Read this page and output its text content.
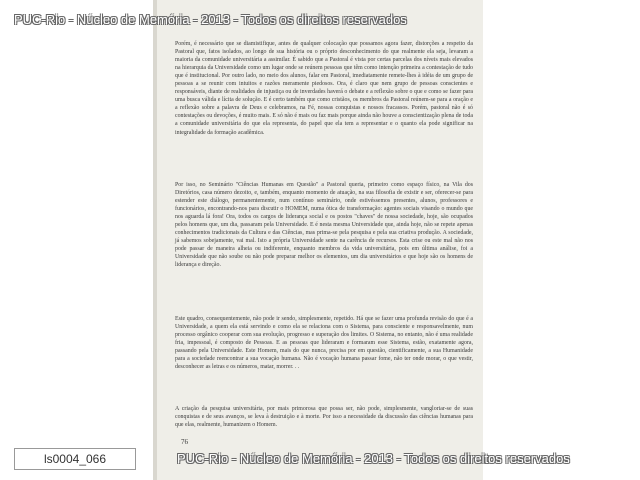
Porém, é necessário que se diamistifique, antes de qualquer colocação que possamos agora fazer, distorções a respeito da Pastoral que, fatos isolados, ao longo de sua história ou o próprio desconhecimento do que realmente ela seja, levaram a maioria da comunidade universitária a assimilar. É sabido que a Pastoral é vista por certas parcelas dos níveis mais elevados na hierarquia da Universidade como um lugar onde se reúnem pessoas que têm como intenção primeira a contestação de tudo que é institucional. Por outro lado, no meio dos alunos, falar em Pastoral, imediatamente remete-lhes à idéia de um grupo de pessoas a se reunir com intuitos e razões meramente piedosos. Ora, é claro que nem grupo de pessoas conscientes e responsáveis, diante de realidades de injustiça ou de inverdades haverá o debate e a reflexão sobre o que e como se fazer para uma busca válida e lícita de solução. E é certo também que como cristãos, os membros da Pastoral reúnem-se para a oração e a reflexão sobre a palavra de Deus e celebramos, na Fé, nossas conquistas e nossos fracassos. Porém, pastoral não é só contestações ou devoções, é muito mais. E só não é mais ou faz mais porque ainda não houve a conscientização plena de toda a comunidade universitária do que ela representa, do papel que ela tem a representar e o quanto ela pode significar na integralidade da formação acadêmica.

Por isso, no Seminário "Ciências Humanas em Questão" a Pastoral queria, primeiro como espaço físico, na Vila dos Diretórios, casa número dezoito, e, também, enquanto momento de atuação, na sua filosofia de existir e ser, oferecer-se para estender este diálogo, permanentemente, num contínuo seminário, onde estivéssemos presentes, alunos, professores e funcionários, encontrando-nos para discutir o HOMEM, numa ótica de transformação: agentes sociais visando o mundo que nos aguarda lá fora! Ora, todos os cargos de liderança social e os postos "chaves" de nossa sociedade, hoje, são ocupados pelos homens que, um dia, passaram pela Universidade. E é nesta mesma Universidade que, ainda hoje, não se repete apenas conhecimentos tradicionais da Cultura e das Ciências, mas prima-se pela pesquisa e pela sua criativa produção. A sociedade, já sabemos sobejamente, vai mal. Isto a própria Universidade sente na carência de recursos. Esta crise ou este mal não nos pode passar de maneira alheia ou indiferente, enquanto membros da vida universitária, pois em última análise, foi a Universidade que não soube ou não pode preparar melhor os elementos, um dia universitários e que hoje são os homens de liderança e direção.

Este quadro, consequentemente, não pode ir sendo, simplesmente, repetido. Há que se fazer uma profunda revisão do que é a Universidade, a quem ela está servindo e como ela se relaciona com o Sistema, para consciente e responsavelmente, num processo orgânico cooperar com sua evolução, progresso e superação dos limites. O Sistema, no entanto, não é uma realidade fria, impessoal, é composto de Pessoas. E as pessoas que lideraram e formaram esse Sistema, estão, exatamente agora, passando pela Universidade. Este Homem, mais do que nunca, precisa por em questão, cientificamente, a sua Humanidade para a sociedade reencontrar a sua vocação humana. Não é vocação humana passar fome, não ter onde morar, o que vestir, desconhecer as letras e os números, matar, morrer. . .

A criação da pesquisa universitária, por mais primorosa que possa ser, não pode, simplesmente, vangloriar-se de suas conquistas e de seus avanços, se leva à destruição e à morte. Por isso a necessidade da discussão das ciências humanas para que elas, realmente, humanizem o Homem.

76
PUC-Rio - Núcleo de Memória - 2013 - Todos os direitos reservados
PUC-Rio - Núcleo de Memória - 2013 - Todos os direitos reservados
ls0004_066
